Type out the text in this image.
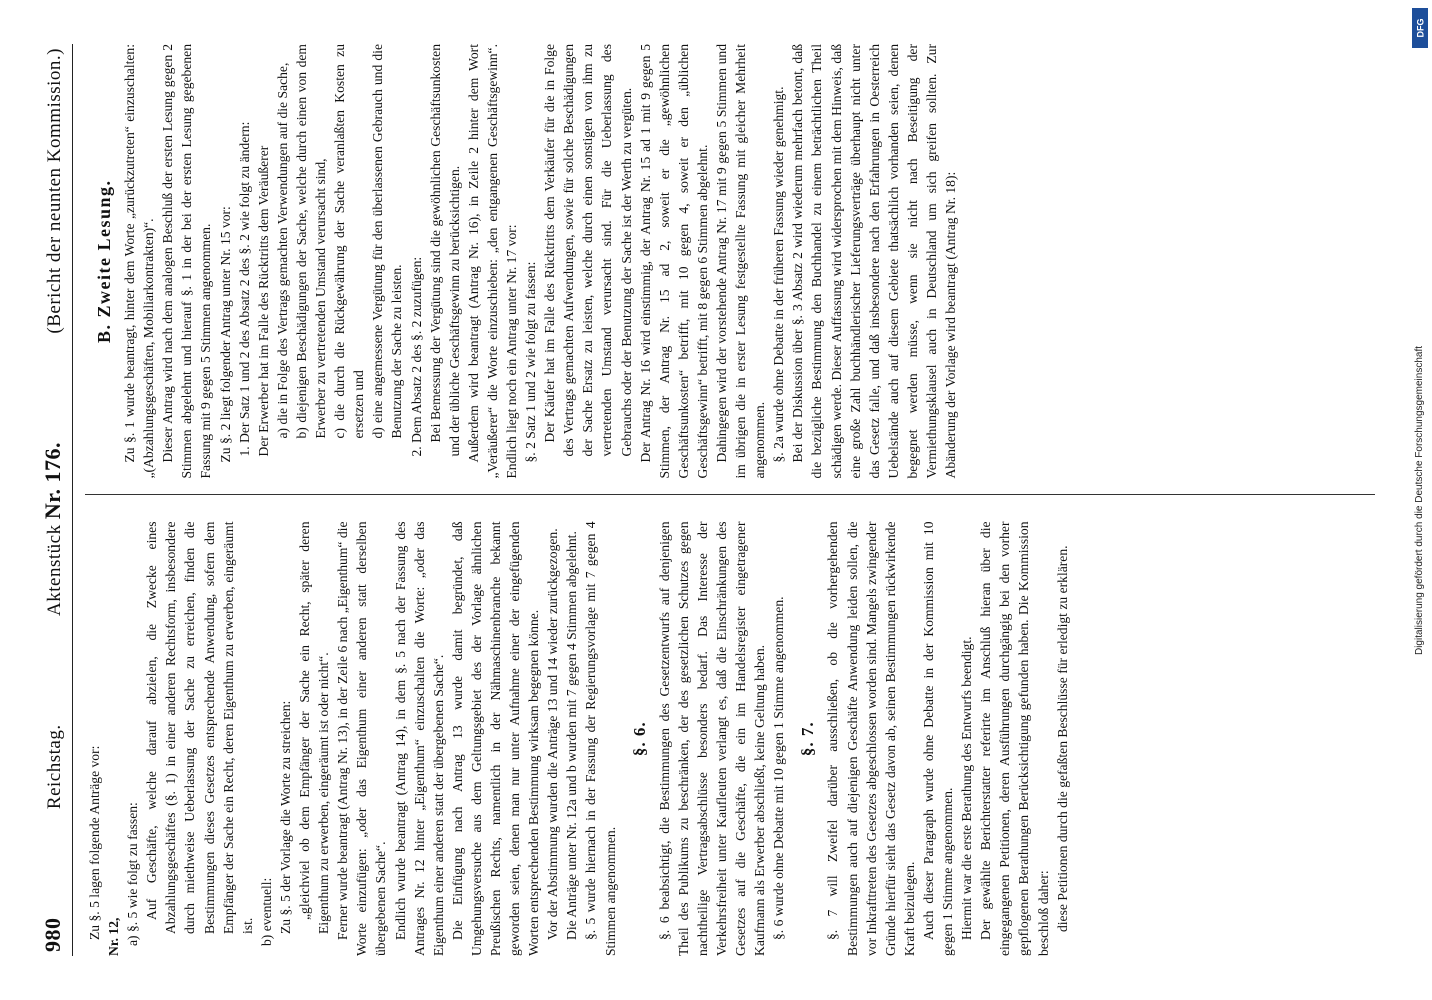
980
Reichstag.
Aktenstück Nr. 176.
(Bericht der neunten Kommission.)

Zu §. 5 lagen folgende Anträge vor: Nr. 12, a) §. 5 wie folgt zu fassen: Auf Geschäfte, welche darauf abzielen, die Zwecke eines Abzahlungsgeschäftes (§. 1) in einer anderen Rechtsform, insbesondere durch miethweise Ueberlassung der Sache zu erreichen, finden die Bestimmungen dieses Gesetzes entsprechende Anwendung, sofern dem Empfänger der Sache ein Recht, deren Eigenthum zu erwerben, eingeräumt ist. b) eventuell: Zu §. 5 der Vorlage die Worte zu streichen: „gleichviel ob dem Empfänger der Sache ein Recht, später deren Eigenthum zu erwerben, eingeräumt ist oder nicht“. Ferner wurde beantragt (Antrag Nr. 13), in der Zeile 6 nach „Eigenthum“ die Worte einzufügen: „oder das Eigenthum einer anderen statt derselben übergebenen Sache“. Endlich wurde beantragt (Antrag 14), in dem §. 5 nach der Fassung des Antrages Nr. 12 hinter „Eigenthum“ einzuschalten die Worte: „oder das Eigenthum einer anderen statt der übergebenen Sache“. Die Einfügung nach Antrag 13 wurde damit begründet, daß Umgehungsversuche aus dem Geltungsgebiet des der Vorlage ähnlichen Preußischen Rechts, namentlich in der Nähmaschinenbranche bekannt geworden seien, denen man nur unter Aufnahme einer der eingefügenden Worten entsprechenden Bestimmung wirksam begegnen könne. Vor der Abstimmung wurden die Anträge 13 und 14 wieder zurückgezogen. Die Anträge unter Nr. 12a und b wurden mit 7 gegen 4 Stimmen abgelehnt. §. 5 wurde hiernach in der Fassung der Regierungsvorlage mit 7 gegen 4 Stimmen angenommen.

§. 6. §. 6 beabsichtigt, die Bestimmungen des Gesetzentwurfs auf denjenigen Theil des Publikums zu beschränken, der des gesetzlichen Schutzes gegen nachtheilige Vertragsabschlüsse besonders bedarf. Das Interesse der Verkehrsfreiheit unter Kaufleuten verlangt es, daß die Einschränkungen des Gesetzes auf die Geschäfte, die ein im Handelsregister eingetragener Kaufmann als Erwerber abschließt, keine Geltung haben. §. 6 wurde ohne Debatte mit 10 gegen 1 Stimme angenommen. §. 7. §. 7 will Zweifel darüber ausschließen, ob die vorhergehenden Bestimmungen auch auf diejenigen Geschäfte Anwendung leiden sollen, die vor Inkrafttreten des Gesetzes abgeschlossen worden sind. Mangels zwingender Gründe hierfür sieht das Gesetz davon ab, seinen Bestimmungen rückwirkende Kraft beizulegen. Auch dieser Paragraph wurde ohne Debatte in der Kommission mit 10 gegen 1 Stimme angenommen. Hiermit war die erste Berathung des Entwurfs beendigt. Der gewählte Berichterstatter referirte im Anschluß hieran über die eingegangenen Petitionen, deren Ausführungen durchgängig bei den vorher gepflogenen Berathungen Berücksichtigung gefunden haben. Die Kommission beschloß daher: diese Petitionen durch die gefaßten Beschlüsse für erledigt zu erklären.

B. Zweite Lesung. Zu §. 1 wurde beantragt, hinter dem Worte „zurückzutreten“ einzuschalten: „(Abzahlungsgeschäften, Mobiliarkontrakten)“. Dieser Antrag wird nach dem analogen Beschluß der ersten Lesung gegen 2 Stimmen abgelehnt und hierauf §. 1 in der bei der ersten Lesung gegebenen Fassung mit 9 gegen 5 Stimmen angenommen. Zu §. 2 liegt folgender Antrag unter Nr. 15 vor: 1. Der Satz 1 und 2 des Absatz 2 des §. 2 wie folgt zu ändern: Der Erwerber hat im Falle des Rücktritts dem Veräußerer a) die in Folge des Vertrags gemachten Verwendungen auf die Sache, b) diejenigen Beschädigungen der Sache, welche durch einen von dem Erwerber zu vertretenden Umstand verursacht sind, c) die durch die Rückgewährung der Sache veranlaßten Kosten zu ersetzen und d) eine angemessene Vergütung für den überlassenen Gebrauch und die Benutzung der Sache zu leisten. 2. Dem Absatz 2 des §. 2 zuzufügen: Bei Bemessung der Vergütung sind die gewöhnlichen Geschäftsunkosten und der übliche Geschäftsgewinn zu berücksichtigen. Außerdem wird beantragt (Antrag Nr. 16), in Zeile 2 hinter dem Wort „Veräußerer“ die Worte einzuschieben: „den entgangenen Geschäftsgewinn“. Endlich liegt noch ein Antrag unter Nr. 17 vor: §. 2 Satz 1 und 2 wie folgt zu fassen: Der Käufer hat im Falle des Rücktritts dem Verkäufer für die in Folge des Vertrags gemachten Aufwendungen, sowie für solche Beschädigungen der Sache Ersatz zu leisten, welche durch einen sonstigen von ihm zu vertretenden Umstand verursacht sind. Für die Ueberlassung des Gebrauchs oder der Benutzung der Sache ist der Werth zu vergüten. Der Antrag Nr. 16 wird einstimmig, der Antrag Nr. 15 ad 1 mit 9 gegen 5 Stimmen, der Antrag Nr. 15 ad 2, soweit er die „gewöhnlichen Geschäftsunkosten“ betrifft, mit 10 gegen 4, soweit er den „üblichen Geschäftsgewinn“ betrifft, mit 8 gegen 6 Stimmen abgelehnt. Dahingegen wird der vorstehende Antrag Nr. 17 mit 9 gegen 5 Stimmen und im übrigen die in erster Lesung festgestellte Fassung mit gleicher Mehrheit angenommen. §. 2a wurde ohne Debatte in der früheren Fassung wieder genehmigt. Bei der Diskussion über §. 3 Absatz 2 wird wiederum mehrfach betont, daß die bezügliche Bestimmung den Buchhandel zu einem beträchtlichen Theil schädigen werde. Dieser Auffassung wird widersprochen mit dem Hinweis, daß eine große Zahl buchhändlerischer Lieferungsverträge überhaupt nicht unter das Gesetz falle, und daß insbesondere nach den Erfahrungen in Oesterreich Uebelstände auch auf diesem Gebiete thatsächlich vorhanden seien, denen begegnet werden müsse, wenn sie nicht nach Beseitigung der Vermiethungsklausel auch in Deutschland um sich greifen sollten. Zur Abänderung der Vorlage wird beantragt (Antrag Nr. 18):

DFG
Digitalisierung gefördert durch die Deutsche Forschungsgemeinschaft
